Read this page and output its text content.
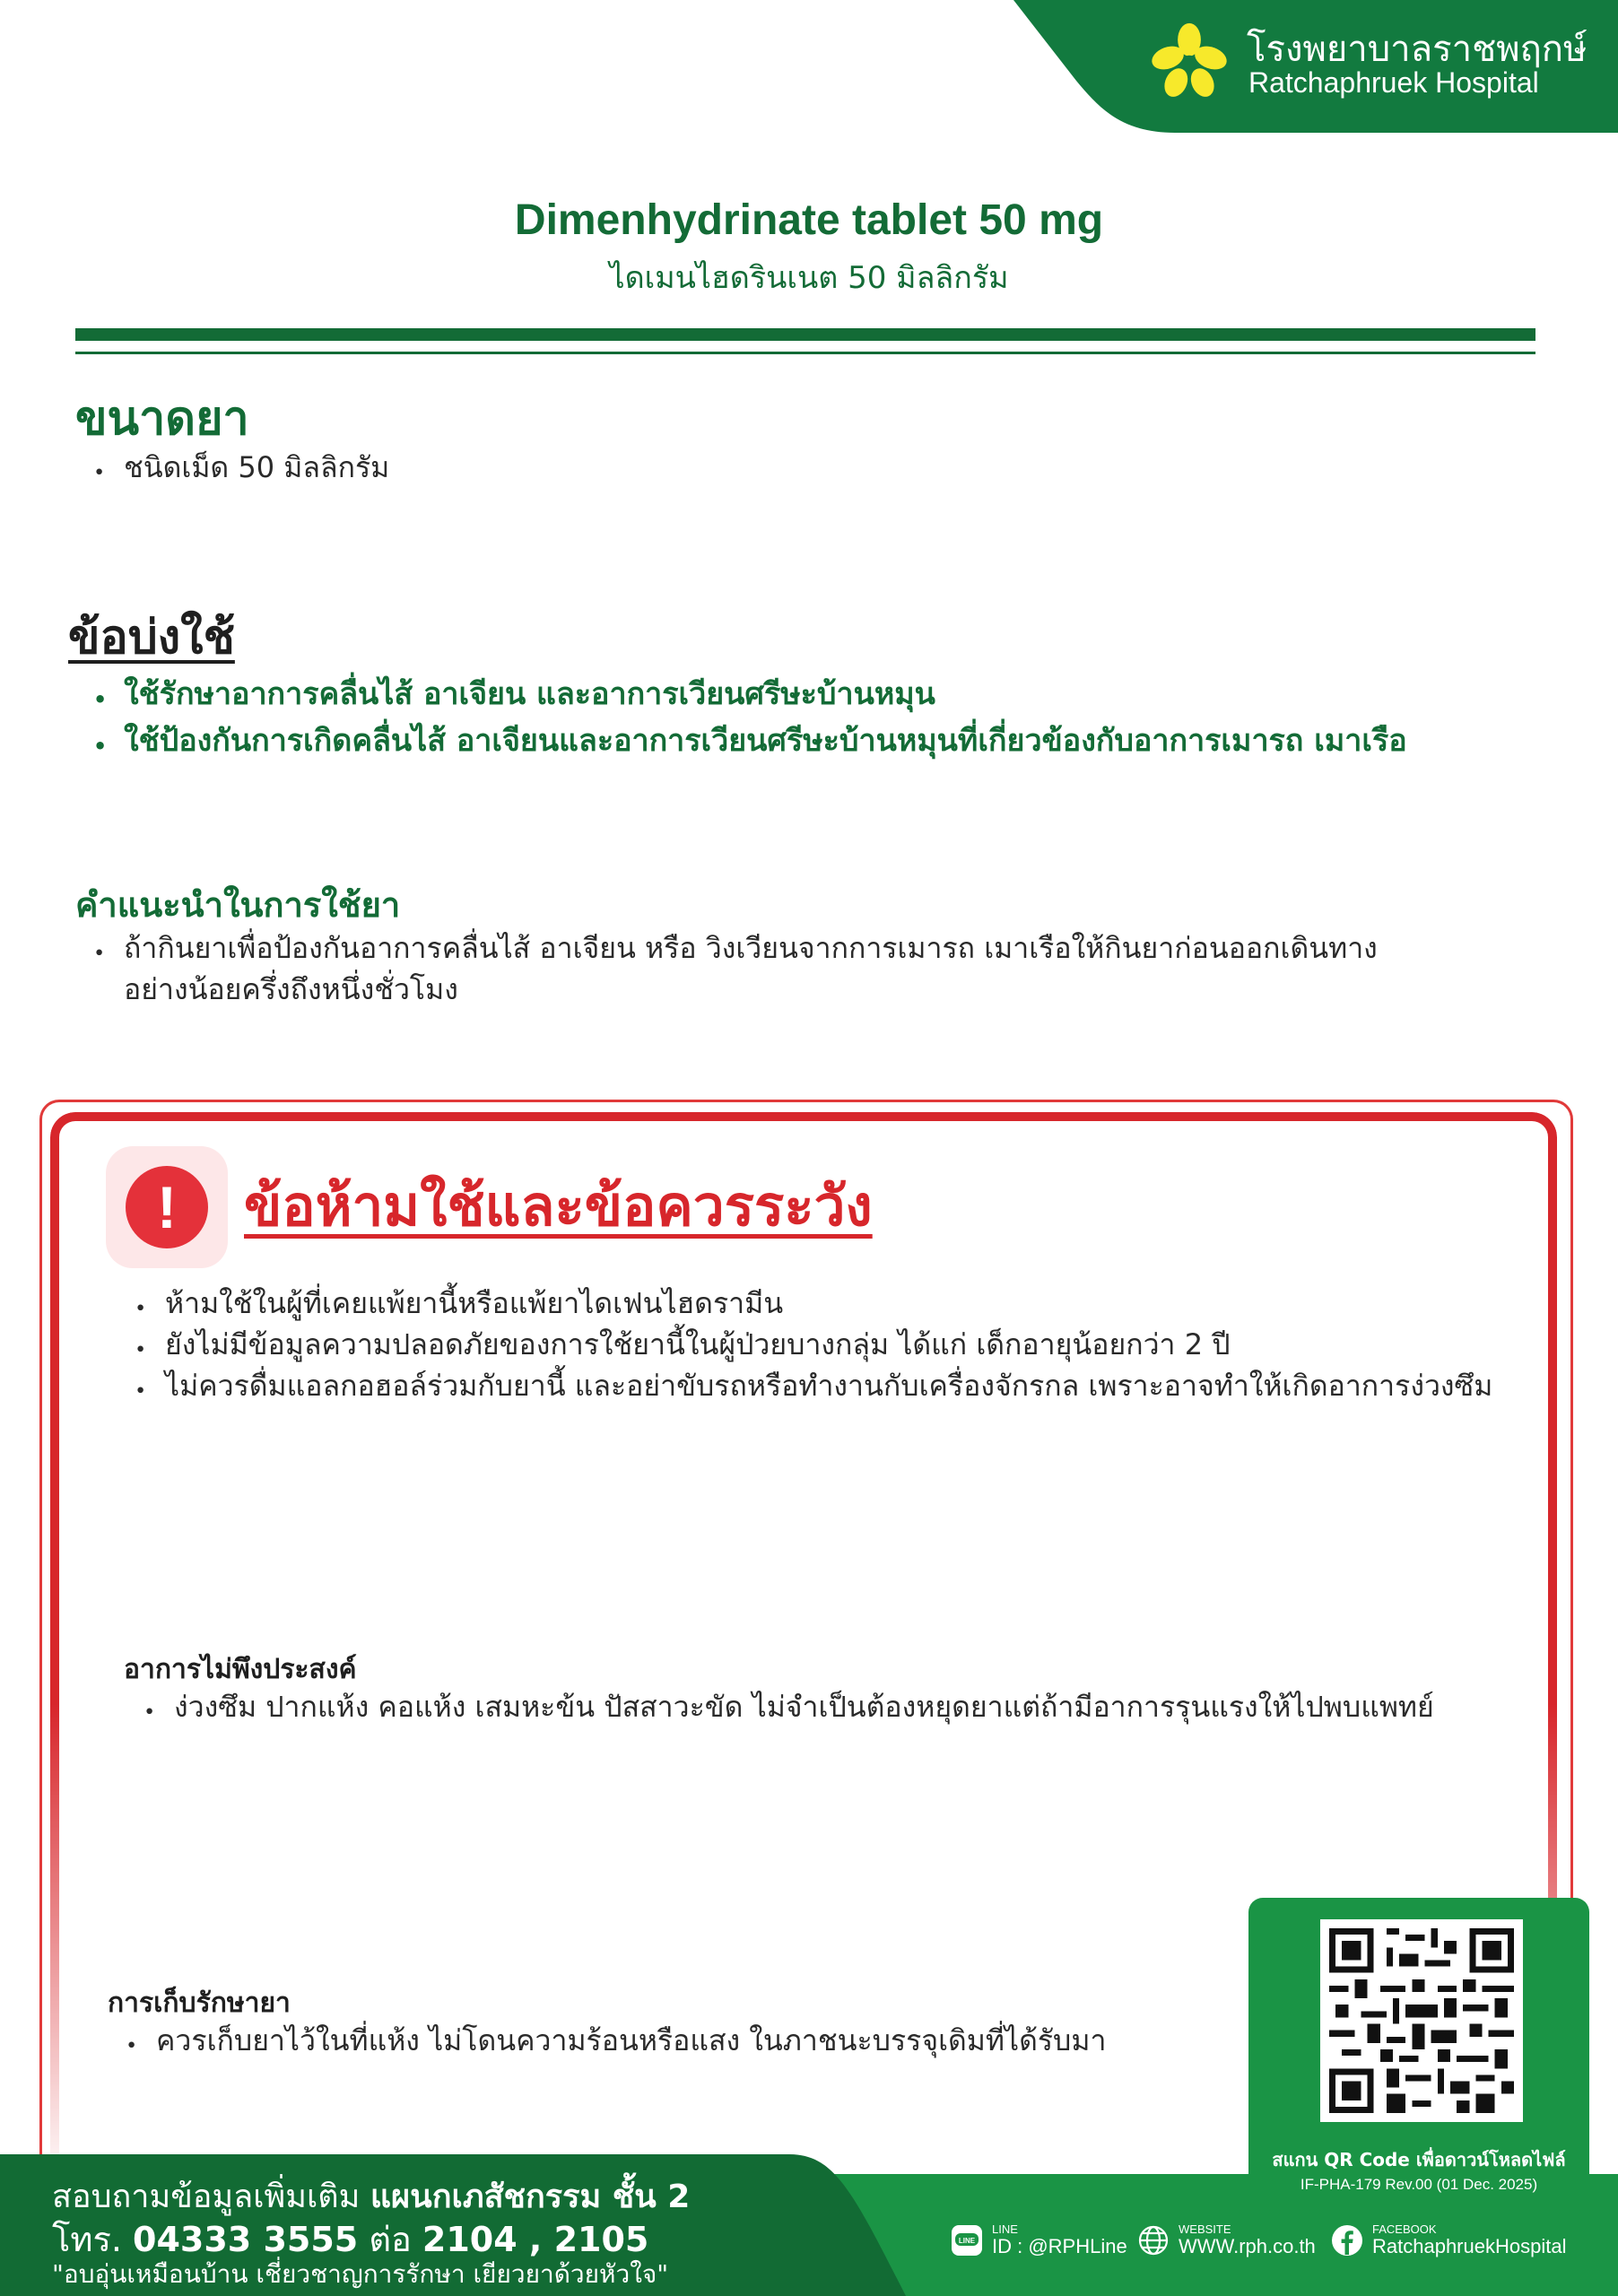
โรงพยาบาลราชพฤกษ์
Ratchaphruek Hospital
Dimenhydrinate tablet 50 mg
ไดเมนไฮดรินเนต 50 มิลลิกรัม
ขนาดยา
• ชนิดเม็ด 50 มิลลิกรัม
ข้อบ่งใช้
• ใช้รักษาอาการคลื่นไส้ อาเจียน และอาการเวียนศรีษะบ้านหมุน
• ใช้ป้องกันการเกิดคลื่นไส้ อาเจียนและอาการเวียนศรีษะบ้านหมุนที่เกี่ยวข้องกับอาการเมารถ เมาเรือ
คำแนะนำในการใช้ยา
• ถ้ากินยาเพื่อป้องกันอาการคลื่นไส้ อาเจียน หรือ วิงเวียนจากการเมารถ เมาเรือให้กินยาก่อนออกเดินทาง อย่างน้อยครึ่งถึงหนึ่งชั่วโมง
!	ข้อห้ามใช้และข้อควรระวัง
• ห้ามใช้ในผู้ที่เคยแพ้ยานี้หรือแพ้ยาไดเฟนไฮดรามีน
• ยังไม่มีข้อมูลความปลอดภัยของการใช้ยานี้ในผู้ป่วยบางกลุ่ม ได้แก่ เด็กอายุน้อยกว่า 2 ปี
• ไม่ควรดื่มแอลกอฮอล์ร่วมกับยานี้ และอย่าขับรถหรือทำงานกับเครื่องจักรกล เพราะอาจทำให้เกิดอาการง่วงซึม
อาการไม่พึงประสงค์
• ง่วงซึม ปากแห้ง คอแห้ง เสมหะข้น ปัสสาวะขัด ไม่จำเป็นต้องหยุดยาแต่ถ้ามีอาการรุนแรงให้ไปพบแพทย์
การเก็บรักษายา
• ควรเก็บยาไว้ในที่แห้ง ไม่โดนความร้อนหรือแสง ในภาชนะบรรจุเดิมที่ได้รับมา
สอบถามข้อมูลเพิ่มเติม แผนกเภสัชกรรม ชั้น 2
โทร. 04333 3555 ต่อ 2104 , 2105
"อบอุ่นเหมือนบ้าน เชี่ยวชาญการรักษา เยียวยาด้วยหัวใจ"
สแกน QR Code เพื่อดาวน์โหลดไฟล์
IF-PHA-179 Rev.00 (01 Dec. 2025)
LINE
LINE
ID : @RPHLine
WEBSITE
WWW.rph.co.th
FACEBOOK
RatchaphruekHospital
